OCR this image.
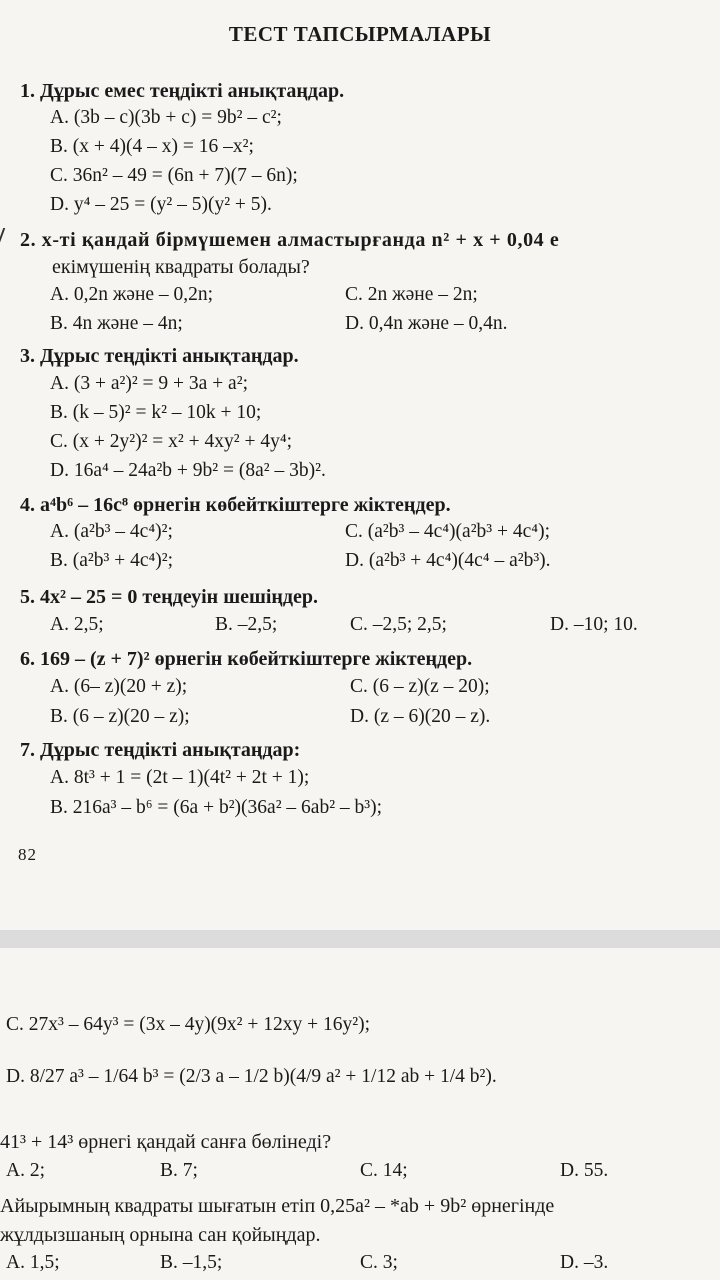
ТЕСТ ТАПСЫРМАЛАРЫ
1. Дұрыс емес теңдікті анықтаңдар.
A. (3b – c)(3b + c) = 9b² – c²;
B. (x + 4)(4 – x) = 16 –x²;
C. 36n² – 49 = (6n + 7)(7 – 6n);
D. y⁴ – 25 = (y² – 5)(y² + 5).
2. x-ті қандай бірмүшемен алмастырғанда n² + x + 0,04 е
екімүшенің квадраты болады?
A. 0,2n және – 0,2n;	C. 2n және – 2n;
B. 4n және – 4n;	D. 0,4n және – 0,4n.
3. Дұрыс теңдікті анықтаңдар.
A. (3 + a²)² = 9 + 3a + a²;
B. (k – 5)² = k² – 10k + 10;
C. (x + 2y²)² = x² + 4xy² + 4y⁴;
D. 16a⁴ – 24a²b + 9b² = (8a² – 3b)².
4. a⁴b⁶ – 16c⁸ өрнегін көбейткіштерге жіктеңдер.
A. (a²b³ – 4c⁴)²;	C. (a²b³ – 4c⁴)(a²b³ + 4c⁴);
B. (a²b³ + 4c⁴)²;	D. (a²b³ + 4c⁴)(4c⁴ – a²b³).
5. 4x² – 25 = 0 теңдеуін шешіңдер.
A. 2,5;	B. –2,5;	C. –2,5; 2,5;	D. –10; 10.
6. 169 – (z + 7)² өрнегін көбейткіштерге жіктеңдер.
A. (6– z)(20 + z);	C. (6 – z)(z – 20);
B. (6 – z)(20 – z);	D. (z – 6)(20 – z).
7. Дұрыс теңдікті анықтаңдар:
A. 8t³ + 1 = (2t – 1)(4t² + 2t + 1);
B. 216a³ – b⁶ = (6a + b²)(36a² – 6ab² – b³);
82
C. 27x³ – 64y³ = (3x – 4y)(9x² + 12xy + 16y²);
D. 8/27 a³ – 1/64 b³ = (2/3 a – 1/2 b)(4/9 a² + 1/12 ab + 1/4 b²).
41³ + 14³ өрнегі қандай санға бөлінеді?
A. 2;	B. 7;	C. 14;	D. 55.
Айырымның квадраты шығатын етіп 0,25a² – *ab + 9b² өрнегінде
жұлдызшаның орнына сан қойыңдар.
A. 1,5;	B. –1,5;	C. 3;	D. –3.
